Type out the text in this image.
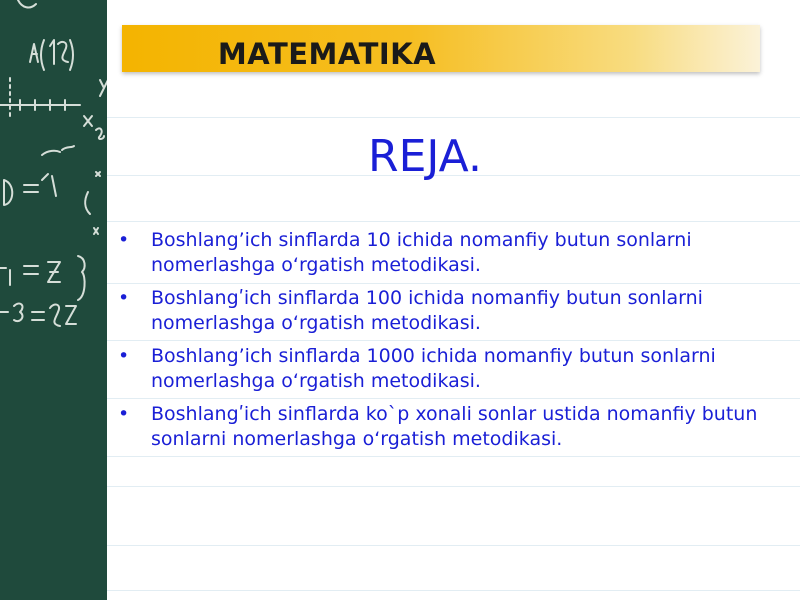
MATEMATIKA
REJA.
• Boshlang’ich sinflarda 10 ichida nomanfiy butun sonlarni nomerlashga oʻrgatish metodikasi.
• Boshlangʹich sinflarda 100 ichida nomanfiy butun sonlarni nomerlashga oʻrgatish metodikasi.
• Boshlang’ich sinflarda 1000 ichida nomanfiy butun sonlarni nomerlashga oʻrgatish metodikasi.
• Boshlangʹich sinflarda ko`p xonali sonlar ustida nomanfiy butun sonlarni nomerlashga oʻrgatish metodikasi.
